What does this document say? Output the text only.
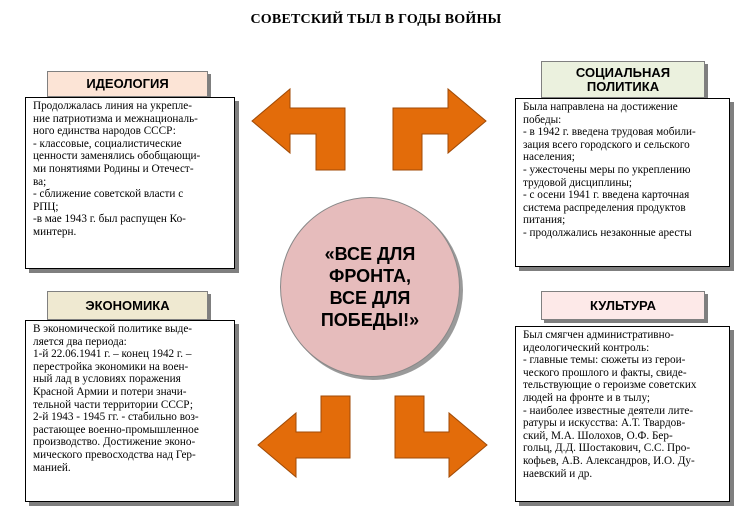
СОВЕТСКИЙ ТЫЛ В ГОДЫ ВОЙНЫ
«ВСЕ ДЛЯ
ФРОНТА,
ВСЕ ДЛЯ
ПОБЕДЫ!»
ИДЕОЛОГИЯ
Продолжалась линия на укрепле-
ние патриотизма и межнациональ-
ного единства народов СССР:
- классовые, социалистические
ценности заменялись обобщающи-
ми понятиями Родины и Отечест-
ва;
- сближение советской власти с
РПЦ;
-в мае 1943 г. был распущен Ко-
минтерн.
СОЦИАЛЬНАЯ
ПОЛИТИКА
Была направлена на достижение
победы:
- в 1942 г. введена трудовая мобили-
зация всего городского и сельского
населения;
- ужесточены меры по укреплению
трудовой дисциплины;
- с осени 1941 г. введена карточная
система распределения продуктов
питания;
- продолжались незаконные аресты
ЭКОНОМИКА
В экономической политике выде-
ляется два периода:
1-й 22.06.1941 г. – конец 1942 г. –
перестройка экономики на воен-
ный лад в условиях поражения
Красной Армии и потери значи-
тельной части территории СССР;
2-й 1943 - 1945 гг. - стабильно воз-
растающее военно-промышленное
производство. Достижение эконо-
мического превосходства над Гер-
манией.
КУЛЬТУРА
Был смягчен административно-
идеологический контроль:
- главные темы: сюжеты из герои-
ческого прошлого и факты, свиде-
тельствующие о героизме советских
людей на фронте и в тылу;
- наиболее известные деятели лите-
ратуры и искусства: А.Т. Твардов-
ский, М.А. Шолохов, О.Ф. Бер-
гольц, Д.Д. Шостакович, С.С. Про-
кофьев, А.В. Александров, И.О. Ду-
наевский и др.
